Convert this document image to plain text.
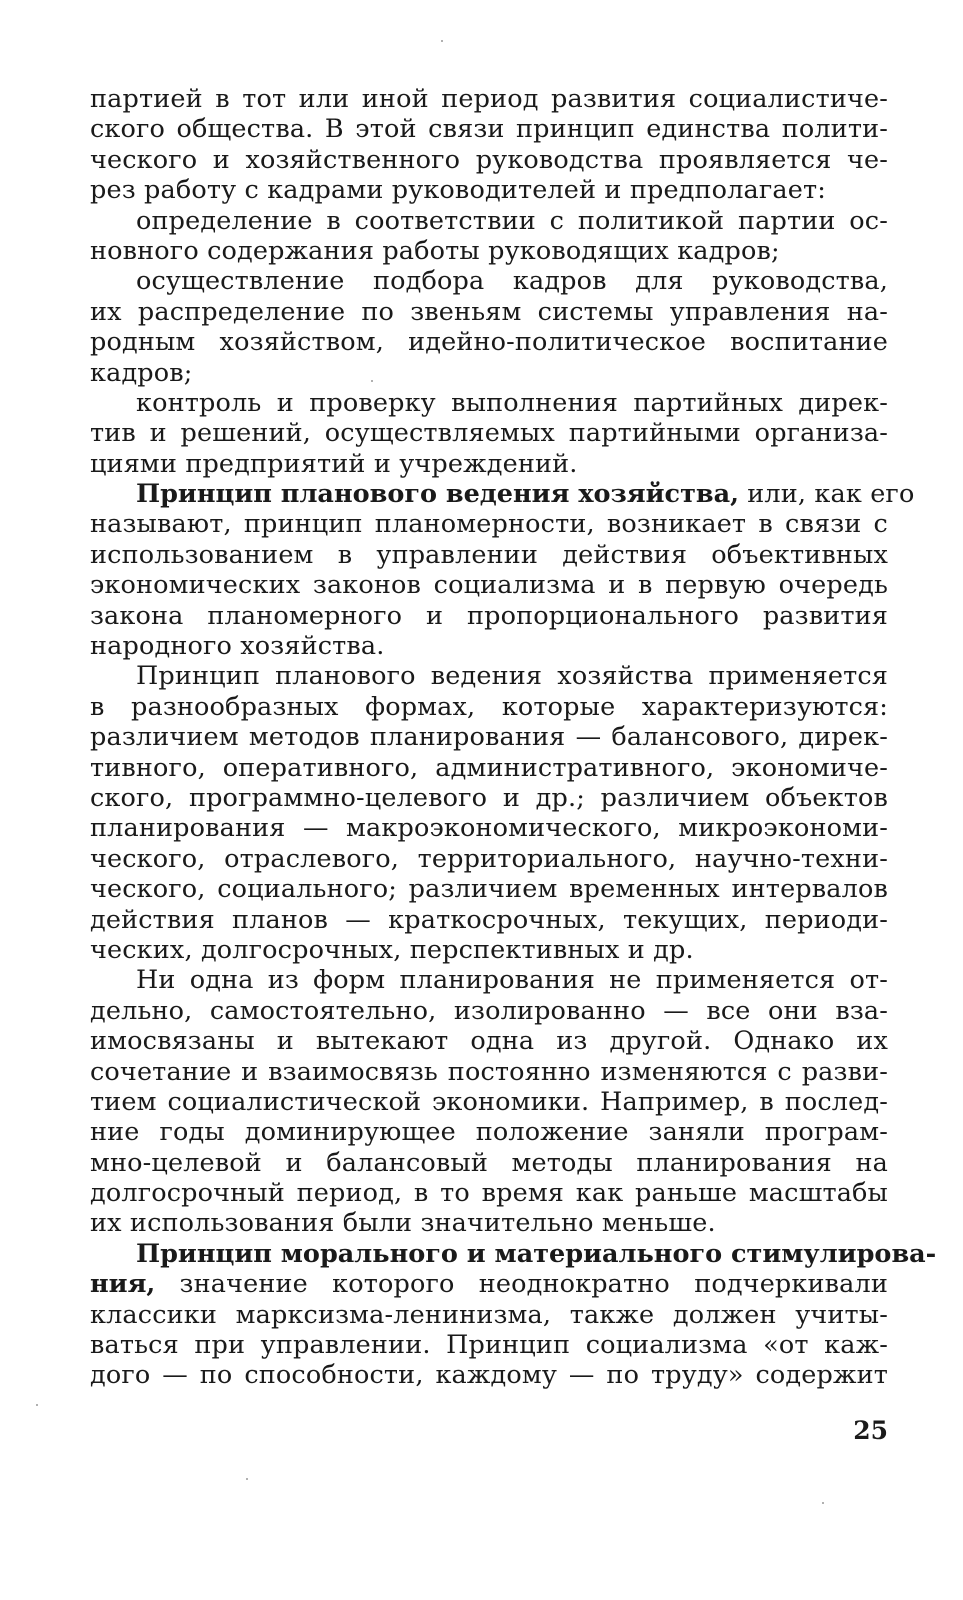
партией в тот или иной период развития социалистиче-
ского общества. В этой связи принцип единства полити-
ческого и хозяйственного руководства проявляется че-
рез работу с кадрами руководителей и предполагает:
определение в соответствии с политикой партии ос-
новного содержания работы руководящих кадров;
осуществление подбора кадров для руководства,
их распределение по звеньям системы управления на-
родным хозяйством, идейно-политическое воспитание
кадров;
контроль и проверку выполнения партийных дирек-
тив и решений, осуществляемых партийными организа-
циями предприятий и учреждений.
Принцип планового ведения хозяйства, или, как его
называют, принцип планомерности, возникает в связи с
использованием в управлении действия объективных
экономических законов социализма и в первую очередь
закона планомерного и пропорционального развития
народного хозяйства.
Принцип планового ведения хозяйства применяется
в разнообразных формах, которые характеризуются:
различием методов планирования — балансового, дирек-
тивного, оперативного, административного, экономиче-
ского, программно-целевого и др.; различием объектов
планирования — макроэкономического, микроэкономи-
ческого, отраслевого, территориального, научно-техни-
ческого, социального; различием временных интервалов
действия планов — краткосрочных, текущих, периоди-
ческих, долгосрочных, перспективных и др.
Ни одна из форм планирования не применяется от-
дельно, самостоятельно, изолированно — все они вза-
имосвязаны и вытекают одна из другой. Однако их
сочетание и взаимосвязь постоянно изменяются с разви-
тием социалистической экономики. Например, в послед-
ние годы доминирующее положение заняли програм-
мно-целевой и балансовый методы планирования на
долгосрочный период, в то время как раньше масштабы
их использования были значительно меньше.
Принцип морального и материального стимулирова-
ния, значение которого неоднократно подчеркивали
классики марксизма-ленинизма, также должен учиты-
ваться при управлении. Принцип социализма «от каж-
дого — по способности, каждому — по труду» содержит
25
